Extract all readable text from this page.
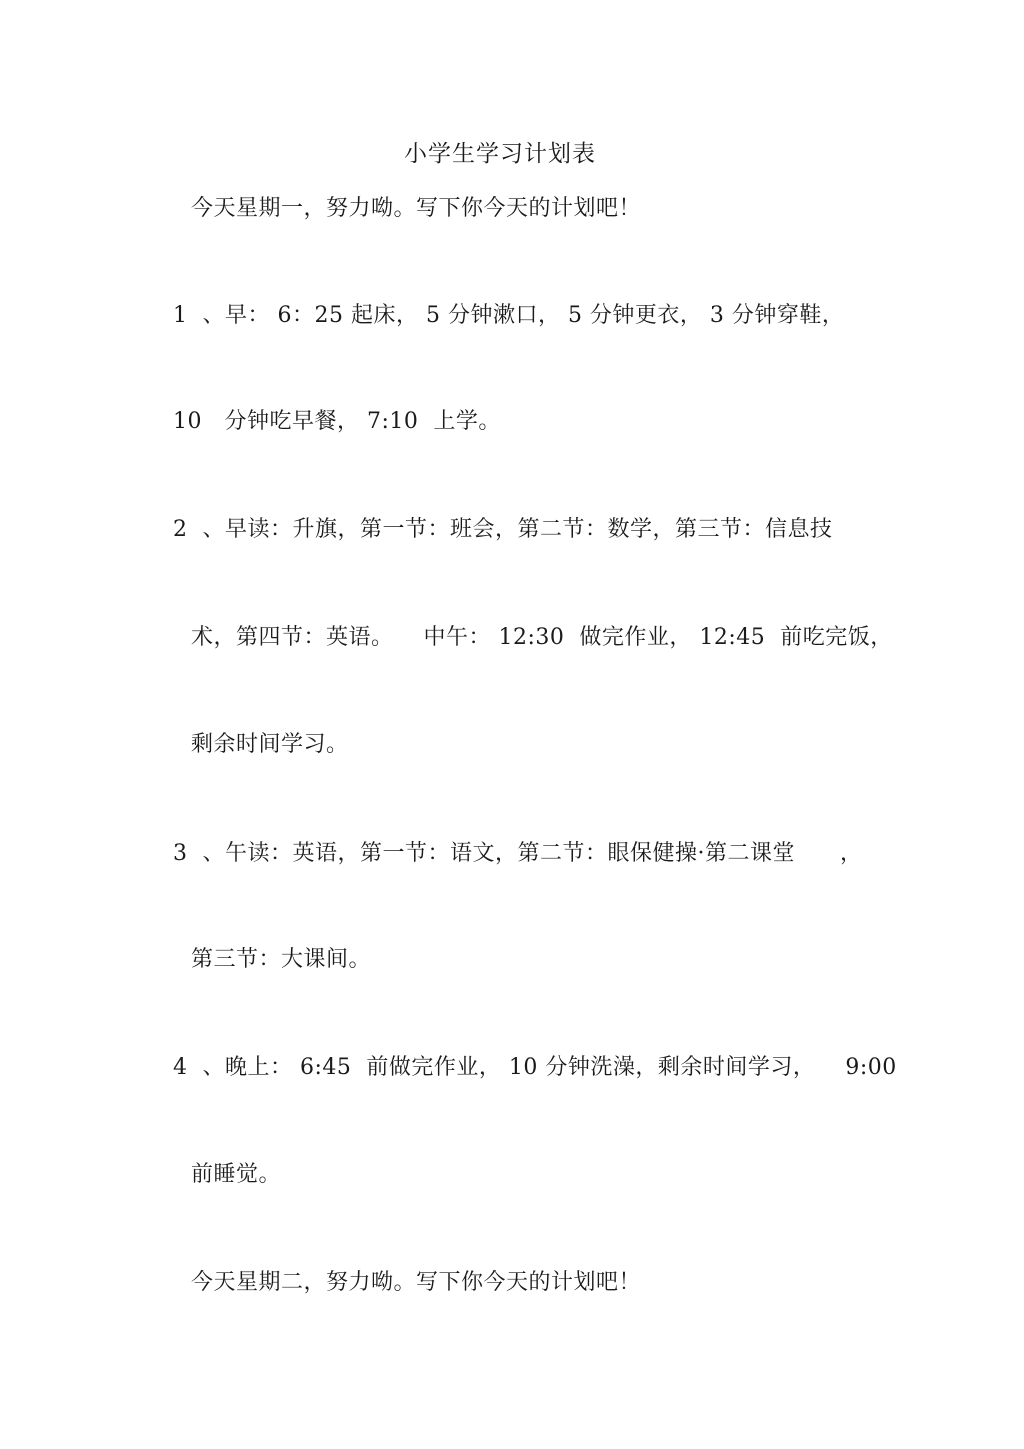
小学生学习计划表
今天星期一，努力呦。写下你今天的计划吧！
1  、早： 6：25 起床， 5 分钟漱口， 5 分钟更衣， 3 分钟穿鞋，
10   分钟吃早餐， 7:10  上学。
2  、早读：升旗，第一节：班会，第二节：数学，第三节：信息技
术，第四节：英语。    中午： 12:30  做完作业， 12:45  前吃完饭，
剩余时间学习。
3  、午读：英语，第一节：语文，第二节：眼保健操·第二课堂      ，
第三节：大课间。
4  、晚上： 6:45  前做完作业， 10 分钟洗澡，剩余时间学习，    9:00
前睡觉。
今天星期二，努力呦。写下你今天的计划吧！
